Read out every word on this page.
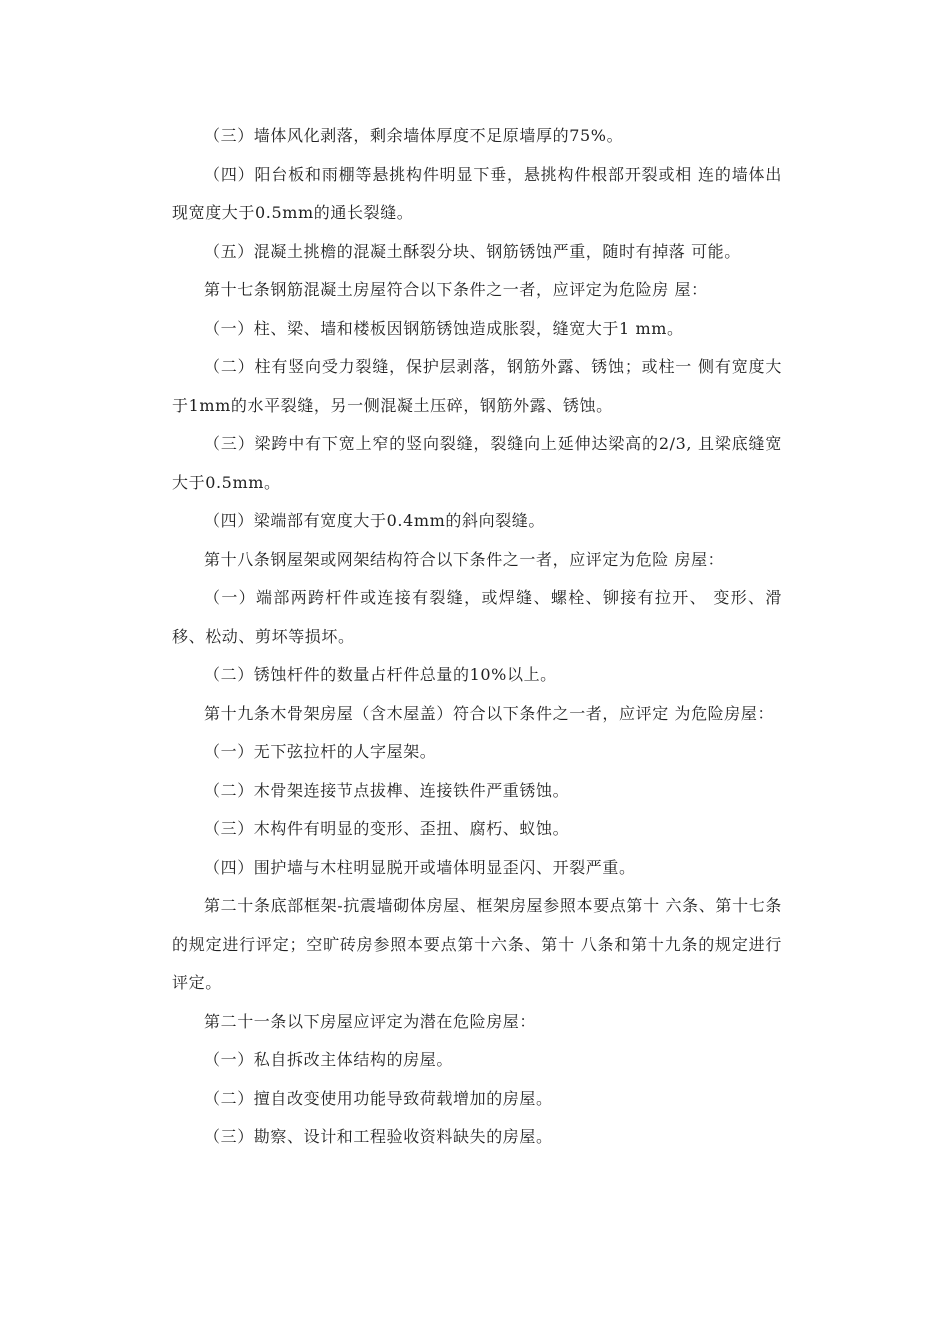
（三）墙体风化剥落，剩余墙体厚度不足原墙厚的75%。

（四）阳台板和雨棚等悬挑构件明显下垂，悬挑构件根部开裂或相 连的墙体出现宽度大于0.5mm的通长裂缝。

（五）混凝土挑檐的混凝土酥裂分块、钢筋锈蚀严重，随时有掉落 可能。

第十七条钢筋混凝土房屋符合以下条件之一者，应评定为危险房 屋：

（一）柱、梁、墙和楼板因钢筋锈蚀造成胀裂，缝宽大于1 mm。

（二）柱有竖向受力裂缝，保护层剥落，钢筋外露、锈蚀；或柱一 侧有宽度大于1mm的水平裂缝，另一侧混凝土压碎，钢筋外露、锈蚀。

（三）梁跨中有下宽上窄的竖向裂缝，裂缝向上延伸达梁高的2/3, 且梁底缝宽大于0.5mm。

（四）梁端部有宽度大于0.4mm的斜向裂缝。

第十八条钢屋架或网架结构符合以下条件之一者，应评定为危险 房屋：

（一）端部两跨杆件或连接有裂缝，或焊缝、螺栓、铆接有拉开、 变形、滑移、松动、剪坏等损坏。

（二）锈蚀杆件的数量占杆件总量的10%以上。

第十九条木骨架房屋（含木屋盖）符合以下条件之一者，应评定 为危险房屋：

（一）无下弦拉杆的人字屋架。

（二）木骨架连接节点拔榫、连接铁件严重锈蚀。

（三）木构件有明显的变形、歪扭、腐朽、蚁蚀。

（四）围护墙与木柱明显脱开或墙体明显歪闪、开裂严重。

第二十条底部框架-抗震墙砌体房屋、框架房屋参照本要点第十 六条、第十七条的规定进行评定；空旷砖房参照本要点第十六条、第十 八条和第十九条的规定进行评定。

第二十一条以下房屋应评定为潜在危险房屋：

（一）私自拆改主体结构的房屋。

（二）擅自改变使用功能导致荷载增加的房屋。

（三）勘察、设计和工程验收资料缺失的房屋。
